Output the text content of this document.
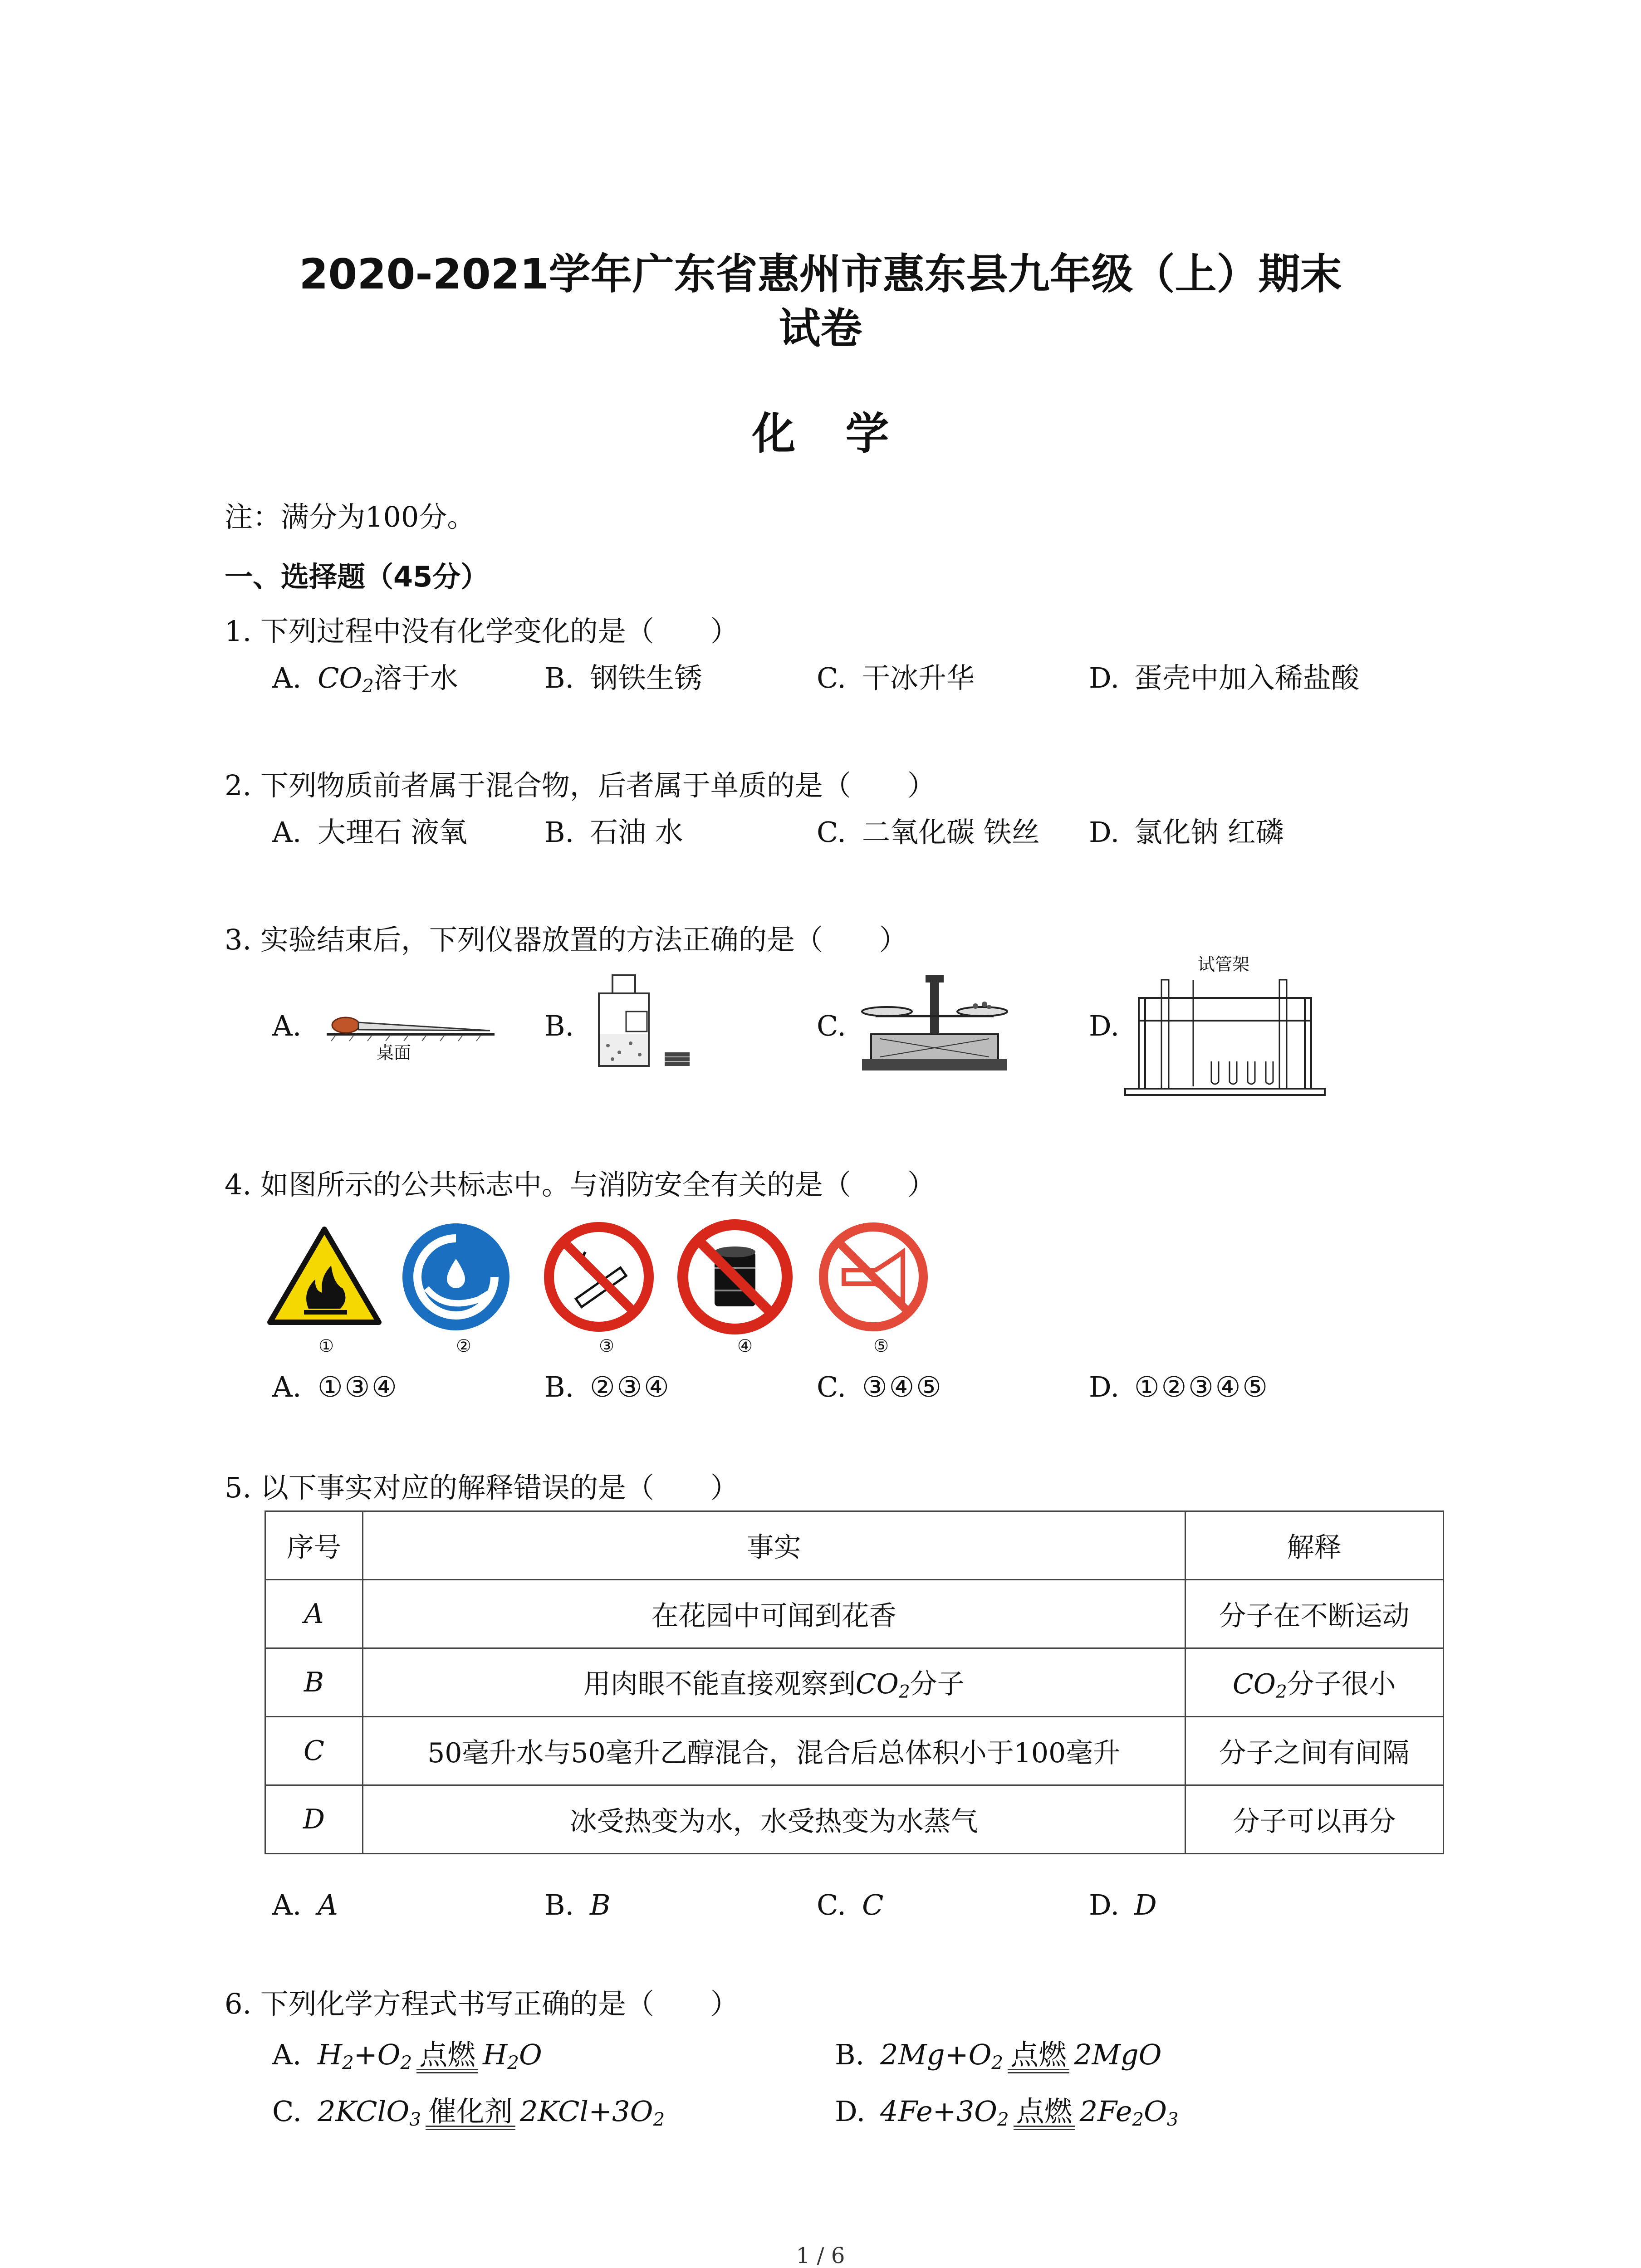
2020-2021学年广东省惠州市惠东县九年级（上）期末
试卷
化学
注：满分为100分。
一、选择题（45分）
1. 下列过程中没有化学变化的是（　　）
A. $CO_2$溶于水	B. 钢铁生锈	C. 干冰升华	D. 蛋壳中加入稀盐酸
2. 下列物质前者属于混合物，后者属于单质的是（　　）
A. 大理石 液氧	B. 石油 水	C. 二氧化碳 铁丝 D. 氯化钠 红磷
3. 实验结束后，下列仪器放置的方法正确的是（　　）
A.	B.	C.	D.
桌面
试管架
4. 如图所示的公共标志中。与消防安全有关的是（　　）
①	②	③	④	⑤
A. ①③④	B. ②③④	C. ③④⑤	D. ①②③④⑤
5. 以下事实对应的解释错误的是（　　）
序号	事实	解释
A	在花园中可闻到花香	分子在不断运动
B	用肉眼不能直接观察到$CO_2$分子	$CO_2$分子很小
C	50毫升水与50毫升乙醇混合，混合后总体积小于100毫升	分子之间有间隔
D	冰受热变为水，水受热变为水蒸气	分子可以再分
A. A	B. B	C. C	D. D
6. 下列化学方程式书写正确的是（　　）
A. $H_2+O_2$ 点燃 $H_2O$	B. $2Mg+O_2$ 点燃 2MgO
C. 2KClO$_3$ 催化剂 $2KCl+3O_2$	D. $4Fe+3O_2$ 点燃 $2Fe_2O_3$
1 / 6
